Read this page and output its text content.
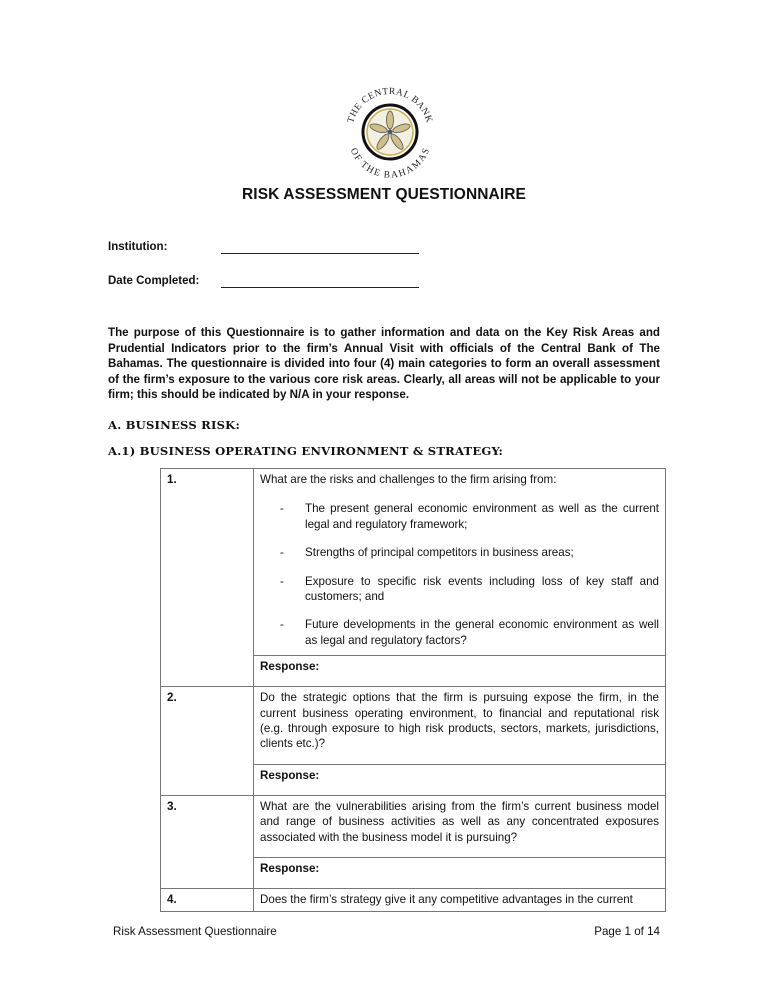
THE CENTRAL BANK
OF THE BAHAMAS
RISK ASSESSMENT QUESTIONNAIRE
Institution:
Date Completed:
The purpose of this Questionnaire is to gather information and data on the Key Risk Areas and Prudential Indicators prior to the firm’s Annual Visit with officials of the Central Bank of The Bahamas. The questionnaire is divided into four (4) main categories to form an overall assessment of the firm’s exposure to the various core risk areas. Clearly, all areas will not be applicable to your firm; this should be indicated by N/A in your response.
A. BUSINESS RISK:
A.1) BUSINESS OPERATING ENVIRONMENT & STRATEGY:
1.	What are the risks and challenges to the firm arising from:
- The present general economic environment as well as the current legal and regulatory framework;
- Strengths of principal competitors in business areas;
- Exposure to specific risk events including loss of key staff and customers; and
- Future developments in the general economic environment as well as legal and regulatory factors?

	Response:
2.	Do the strategic options that the firm is pursuing expose the firm, in the current business operating environment, to financial and reputational risk (e.g. through exposure to high risk products, sectors, markets, jurisdictions, clients etc.)?
	Response:
3.	What are the vulnerabilities arising from the firm’s current business model and range of business activities as well as any concentrated exposures associated with the business model it is pursuing?
	Response:
4.	Does the firm’s strategy give it any competitive advantages in the current
Risk Assessment Questionnaire	Page 1 of 14
